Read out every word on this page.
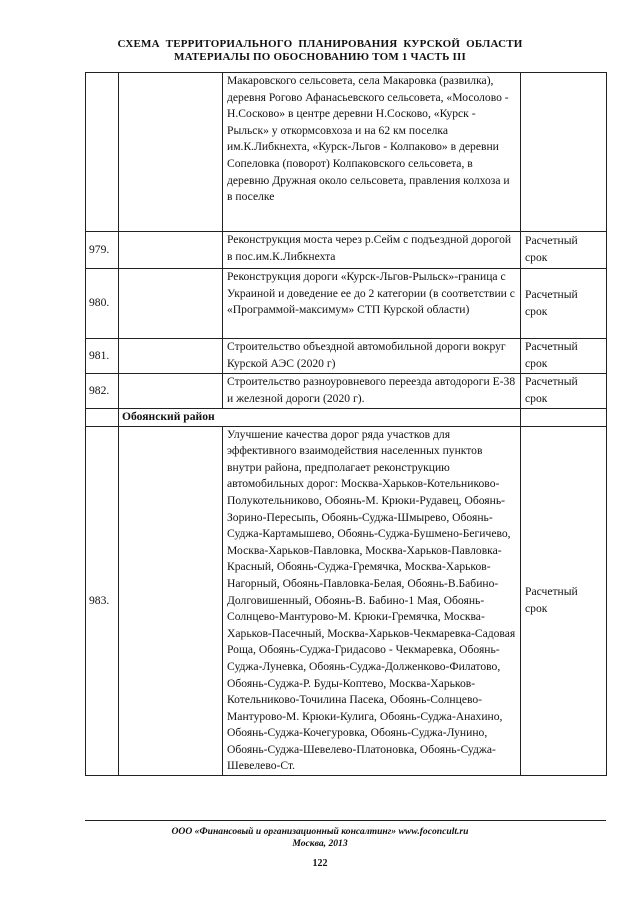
СХЕМА ТЕРРИТОРИАЛЬНОГО ПЛАНИРОВАНИЯ КУРСКОЙ ОБЛАСТИ
МАТЕРИАЛЫ ПО ОБОСНОВАНИЮ ТОМ 1 ЧАСТЬ III
		Макаровского сельсовета, села Макаровка (развилка), деревня Рогово Афанасьевского сельсовета, «Мосолово - Н.Сосково» в центре деревни Н.Сосково, «Курск - Рыльск» у откормсовхоза и на 62 км поселка им.К.Либкнехта, «Курск-Льгов - Колпаково» в деревни Сопеловка (поворот) Колпаковского сельсовета, в деревню Дружная около сельсовета, правления колхоза и в поселке	
979.		Реконструкция моста через р.Сейм с подъездной дорогой в пос.им.К.Либкнехта	Расчетный срок
980.		Реконструкция дороги «Курск-Льгов-Рыльск»-граница с Украиной и доведение ее до 2 категории (в соответствии с «Программой-максимум» СТП Курской области)	Расчетный срок
981.		Строительство объездной автомобильной дороги вокруг Курской АЭС (2020 г)	Расчетный срок
982.		Строительство разноуровневого переезда автодороги Е-38 и железной дороги (2020 г).	Расчетный срок
	Обоянский район		
983.		Улучшение качества дорог ряда участков для эффективного взаимодействия населенных пунктов внутри района, предполагает реконструкцию автомобильных дорог: Москва-Харьков-Котельниково-Полукотельниково, Обоянь-М. Крюки-Рудавец, Обоянь-Зорино-Пересыпь, Обоянь-Суджа-Шмырево, Обоянь-Суджа-Картамышево, Обоянь-Суджа-Бушмено-Бегичево, Москва-Харьков-Павловка, Москва-Харьков-Павловка-Красный, Обоянь-Суджа-Гремячка, Москва-Харьков-Нагорный, Обоянь-Павловка-Белая, Обоянь-В.Бабино-Долговишенный, Обоянь-В. Бабино-1 Мая, Обоянь-Солнцево-Мантурово-М. Крюки-Гремячка, Москва-Харьков-Пасечный, Москва-Харьков-Чекмаревка-Садовая Роща, Обоянь-Суджа-Гридасово - Чекмаревка, Обоянь-Суджа-Луневка, Обоянь-Суджа-Долженково-Филатово, Обоянь-Суджа-Р. Буды-Коптево, Москва-Харьков-Котельниково-Точилина Пасека, Обоянь-Солнцево-Мантурово-М. Крюки-Кулига, Обоянь-Суджа-Анахино, Обоянь-Суджа-Кочегуровка, Обоянь-Суджа-Лунино, Обоянь-Суджа-Шевелево-Платоновка, Обоянь-Суджа-Шевелево-Ст.	Расчетный срок
ООО «Финансовый и организационный консалтинг» www.foconcult.ru
Москва, 2013
122
